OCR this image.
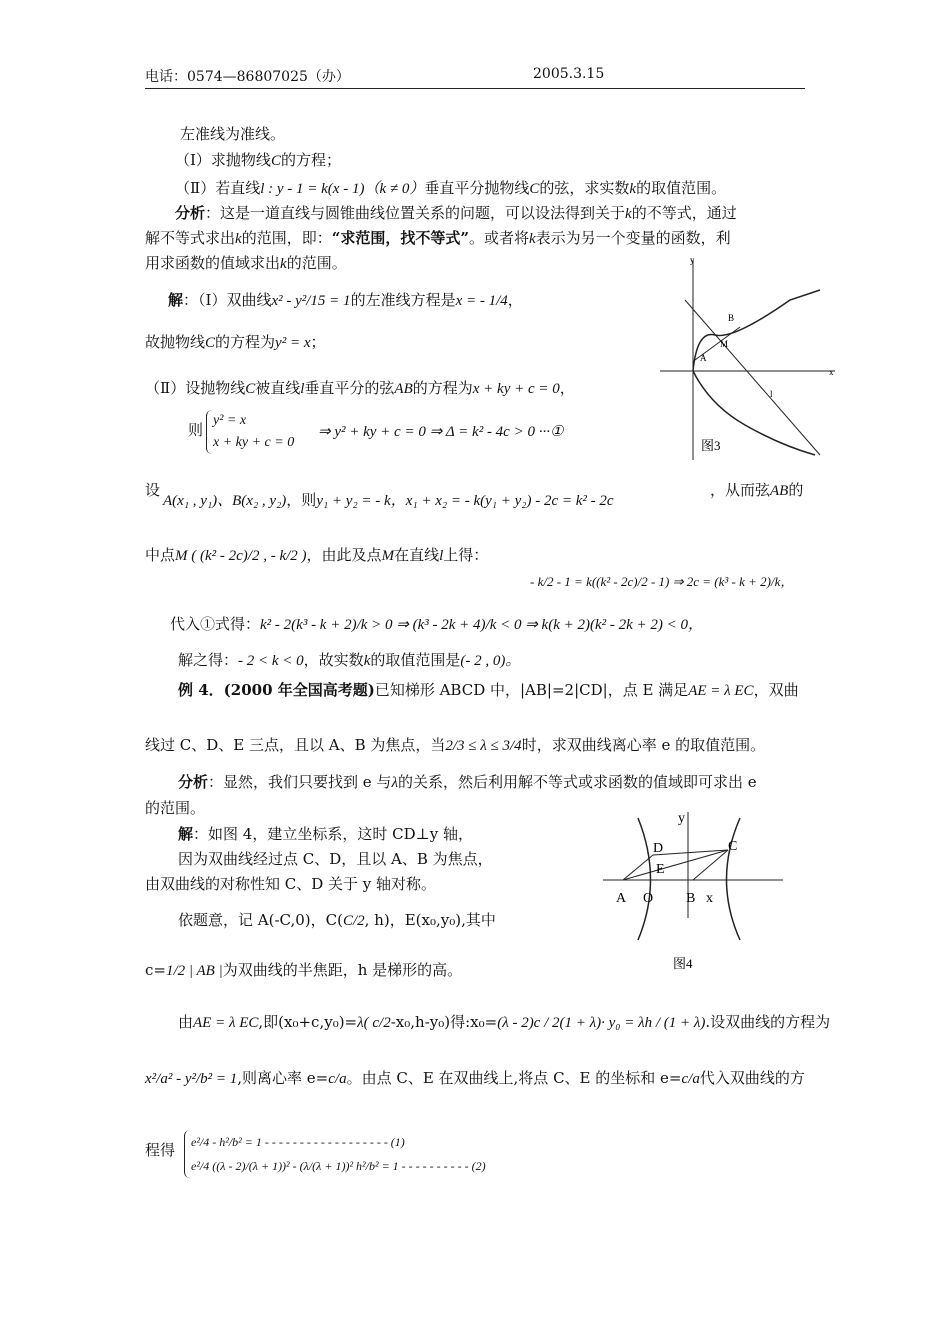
电话：0574—86807025（办）	2005.3.15
左准线为准线。
（Ⅰ）求抛物线C的方程；
（Ⅱ）若直线l : y - 1 = k(x - 1)（k ≠ 0）垂直平分抛物线C的弦，求实数k的取值范围。
分析：这是一道直线与圆锥曲线位置关系的问题，可以设法得到关于k的不等式，通过
解不等式求出k的范围，即：“求范围，找不等式”。或者将k表示为另一个变量的函数，利
用求函数的值域求出k的范围。
解：（Ⅰ）双曲线x² - y²/15 = 1的左准线方程是x = - 1/4，
故抛物线C的方程为y² = x；
（Ⅱ）设抛物线C被直线l垂直平分的弦AB的方程为x + ky + c = 0，
则
y² = x
x + ky + c = 0
⇒ y² + ky + c = 0 ⇒ Δ = k² - 4c > 0 ···①
设
A(x₁ , y₁)、B(x₂ , y₂)，则y₁ + y₂ = - k，x₁ + x₂ = - k(y₁ + y₂) - 2c = k² - 2c
，从而弦AB的
中点M ( (k² - 2c)/2 , - k/2 )，由此及点M在直线l上得：
- k/2 - 1 = k((k² - 2c)/2 - 1) ⇒ 2c = (k³ - k + 2)/k，
代入①式得：k² - 2(k³ - k + 2)/k > 0 ⇒ (k³ - 2k + 4)/k < 0 ⇒ k(k + 2)(k² - 2k + 2) < 0，
解之得：- 2 < k < 0，故实数k的取值范围是(- 2 , 0)。
例 4．(2000 年全国高考题)已知梯形 ABCD 中，|AB|=2|CD|，点 E 满足AE = λ EC，双曲
线过 C、D、E 三点，且以 A、B 为焦点，当2/3 ≤ λ ≤ 3/4时，求双曲线离心率 e 的取值范围。
分析：显然，我们只要找到 e 与λ的关系，然后利用解不等式或求函数的值域即可求出 e
的范围。
解：如图 4，建立坐标系，这时 CD⊥y 轴，
因为双曲线经过点 C、D，且以 A、B 为焦点，
由双曲线的对称性知 C、D 关于 y 轴对称。
依题意，记 A(-C,0)，C(C/2, h)，E(x₀,y₀),其中
c=1/2 | AB |为双曲线的半焦距，h 是梯形的高。
由AE = λ EC,即(x₀+c,y₀)=λ( c/2-x₀,h-y₀)得:x₀=(λ - 2)c / 2(1 + λ)· y₀ = λh / (1 + λ).设双曲线的方程为
x²/a² - y²/b² = 1,则离心率 e=c/a。由点 C、E 在双曲线上,将点 C、E 的坐标和 e=c/a代入双曲线的方
程得 e²/4 - h²/b² = 1 - - - - - - - - - - - - - - - - - - (1)
e²/4 ((λ - 2)/(λ + 1))² - (λ/(λ + 1))² h²/b² = 1 - - - - - - - - - - (2)
y
x
B
M
A
l
图3
y
D	C
E
A O B x
图4
